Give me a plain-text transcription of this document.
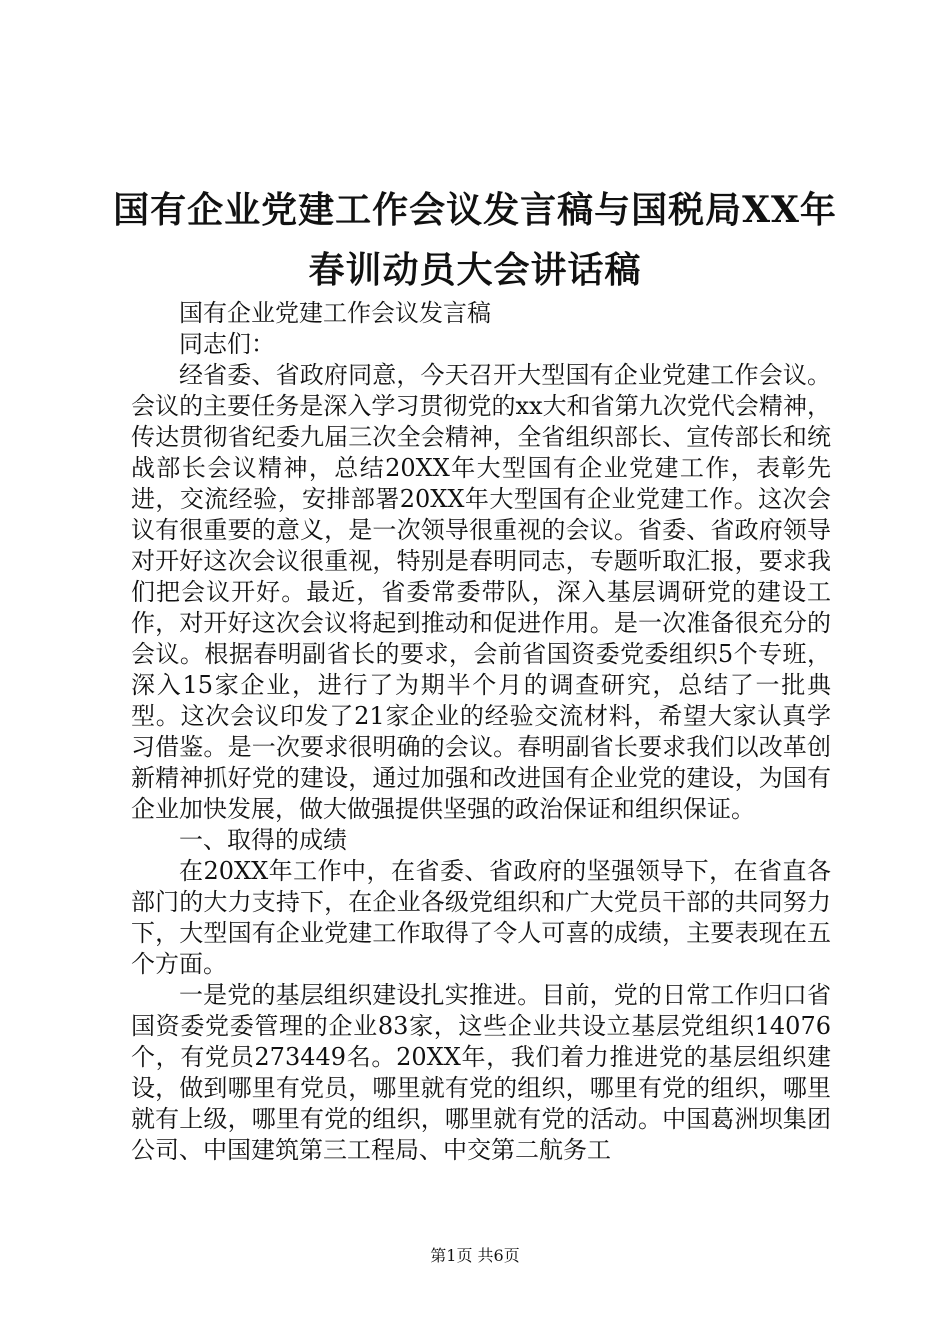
国有企业党建工作会议发言稿与国税局XX年
春训动员大会讲话稿

国有企业党建工作会议发言稿

同志们：

经省委、省政府同意，今天召开大型国有企业党建工作会议。会议的主要任务是深入学习贯彻党的xx大和省第九次党代会精神，传达贯彻省纪委九届三次全会精神，全省组织部长、宣传部长和统战部长会议精神，总结20XX年大型国有企业党建工作，表彰先进，交流经验，安排部署20XX年大型国有企业党建工作。这次会议有很重要的意义，是一次领导很重视的会议。省委、省政府领导对开好这次会议很重视，特别是春明同志，专题听取汇报，要求我们把会议开好。最近，省委常委带队，深入基层调研党的建设工作，对开好这次会议将起到推动和促进作用。是一次准备很充分的会议。根据春明副省长的要求，会前省国资委党委组织5个专班，深入15家企业，进行了为期半个月的调查研究，总结了一批典型。这次会议印发了21家企业的经验交流材料，希望大家认真学习借鉴。是一次要求很明确的会议。春明副省长要求我们以改革创新精神抓好党的建设，通过加强和改进国有企业党的建设，为国有企业加快发展，做大做强提供坚强的政治保证和组织保证。

一、取得的成绩

在20XX年工作中，在省委、省政府的坚强领导下，在省直各部门的大力支持下，在企业各级党组织和广大党员干部的共同努力下，大型国有企业党建工作取得了令人可喜的成绩，主要表现在五个方面。

一是党的基层组织建设扎实推进。目前，党的日常工作归口省国资委党委管理的企业83家，这些企业共设立基层党组织14076个，有党员273449名。20XX年，我们着力推进党的基层组织建设，做到哪里有党员，哪里就有党的组织，哪里有党的组织，哪里就有上级，哪里有党的组织，哪里就有党的活动。中国葛洲坝集团公司、中国建筑第三工程局、中交第二航务工

第1页 共6页
